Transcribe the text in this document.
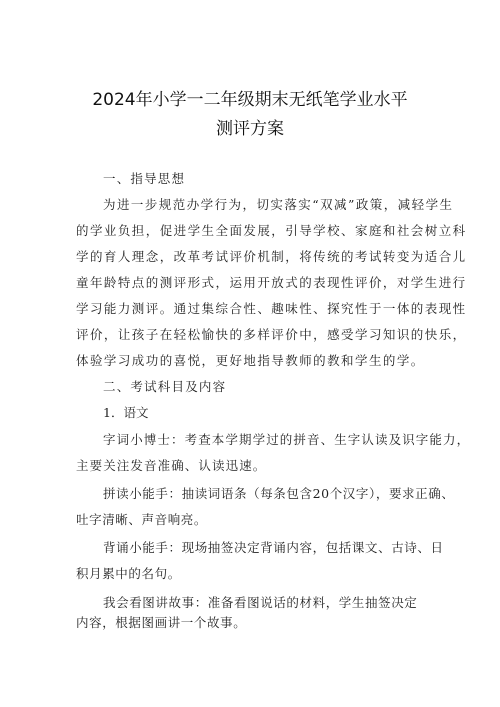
2024年小学一二年级期末无纸笔学业水平
测评方案
一、指导思想
为进一步规范办学行为，切实落实“双减”政策，减轻学生
的学业负担，促进学生全面发展，引导学校、家庭和社会树立科
学的育人理念，改革考试评价机制，将传统的考试转变为适合儿
童年龄特点的测评形式，运用开放式的表现性评价，对学生进行
学习能力测评。通过集综合性、趣味性、探究性于一体的表现性
评价，让孩子在轻松愉快的多样评价中，感受学习知识的快乐，
体验学习成功的喜悦，更好地指导教师的教和学生的学。
二、考试科目及内容
1．语文
字词小博士：考查本学期学过的拼音、生字认读及识字能力，
主要关注发音准确、认读迅速。
拼读小能手：抽读词语条（每条包含20个汉字），要求正确、
吐字清晰、声音响亮。
背诵小能手：现场抽签决定背诵内容，包括课文、古诗、日
积月累中的名句。
我会看图讲故事：准备看图说话的材料，学生抽签决定
内容，根据图画讲一个故事。
